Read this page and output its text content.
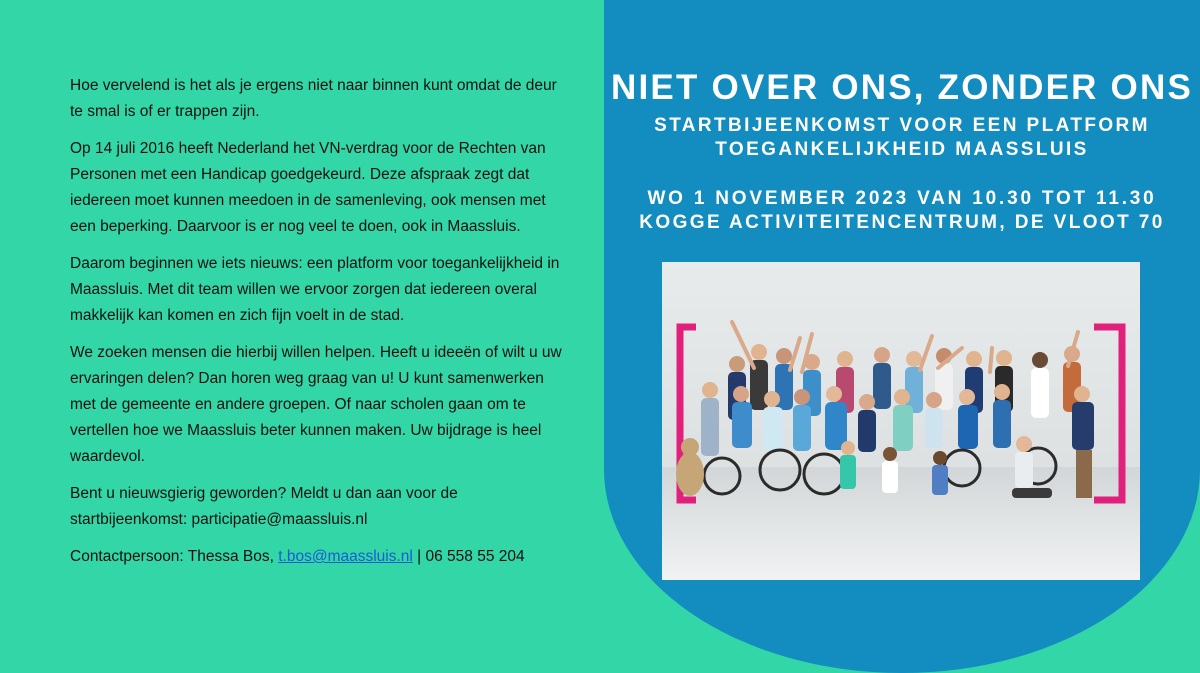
Hoe vervelend is het als je ergens niet naar binnen kunt omdat de deur te smal is of er trappen zijn.

Op 14 juli 2016 heeft Nederland het VN-verdrag voor de Rechten van Personen met een Handicap goedgekeurd. Deze afspraak zegt dat iedereen moet kunnen meedoen in de samenleving, ook mensen met een beperking. Daarvoor is er nog veel te doen, ook in Maassluis.

Daarom beginnen we iets nieuws: een platform voor toegankelijkheid in Maassluis. Met dit team willen we ervoor zorgen dat iedereen overal makkelijk kan komen en zich fijn voelt in de stad.

We zoeken mensen die hierbij willen helpen. Heeft u ideeën of wilt u uw ervaringen delen? Dan horen weg graag van u! U kunt samenwerken met de gemeente en andere groepen. Of naar scholen gaan om te vertellen hoe we Maassluis beter kunnen maken. Uw bijdrage is heel waardevol.

Bent u nieuwsgierig geworden? Meldt u dan aan voor de startbijeenkomst: participatie@maassluis.nl

Contactpersoon: Thessa Bos, t.bos@maassluis.nl | 06 558 55 204

NIET OVER ONS, ZONDER ONS
STARTBIJEENKOMST VOOR EEN PLATFORM
TOEGANKELIJKHEID MAASSLUIS
WO 1 NOVEMBER 2023 VAN 10.30 TOT 11.30
KOGGE ACTIVITEITENCENTRUM, DE VLOOT 70
